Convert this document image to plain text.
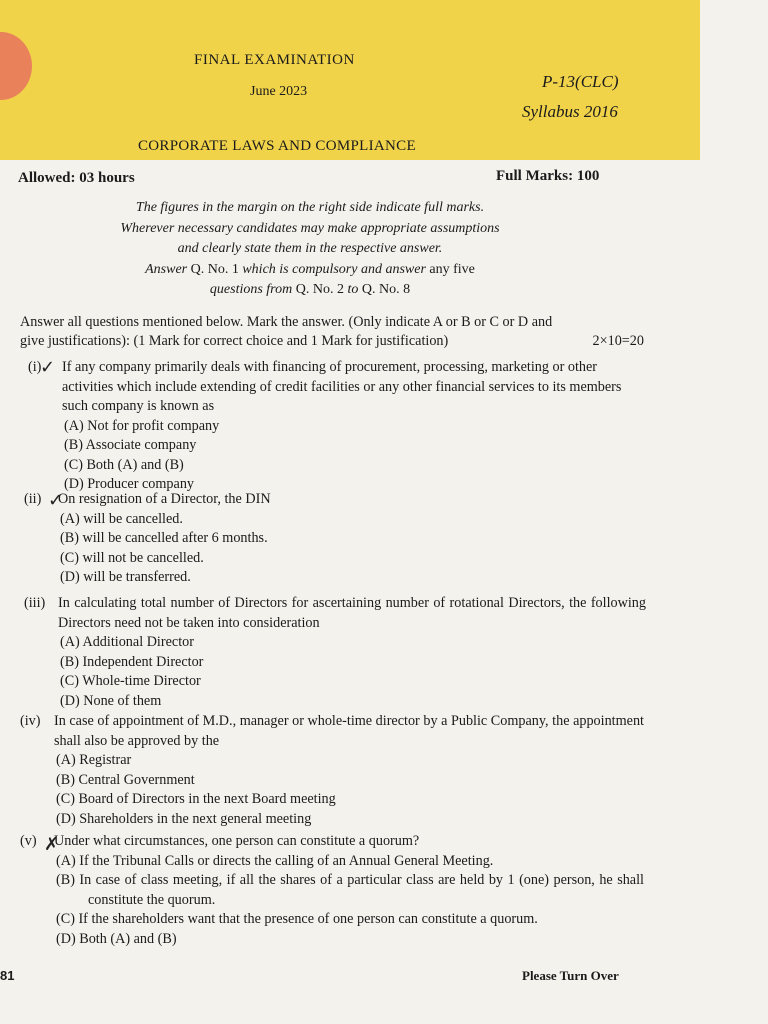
FINAL EXAMINATION
June 2023
P-13(CLC)
Syllabus 2016
CORPORATE LAWS AND COMPLIANCE
Allowed: 03 hours	Full Marks: 100
The figures in the margin on the right side indicate full marks.
Wherever necessary candidates may make appropriate assumptions
and clearly state them in the respective answer.
Answer Q. No. 1 which is compulsory and answer any five
questions from Q. No. 2 to Q. No. 8
Answer all questions mentioned below. Mark the answer. (Only indicate A or B or C or D and
give justifications): (1 Mark for correct choice and 1 Mark for justification)	2×10=20
(i) If any company primarily deals with financing of procurement, processing, marketing or other activities which include extending of credit facilities or any other financial services to its members such company is known as
(A) Not for profit company
(B) Associate company
(C) Both (A) and (B)
(D) Producer company
(ii) On resignation of a Director, the DIN
(A) will be cancelled.
(B) will be cancelled after 6 months.
(C) will not be cancelled.
(D) will be transferred.
(iii) In calculating total number of Directors for ascertaining number of rotational Directors, the following Directors need not be taken into consideration
(A) Additional Director
(B) Independent Director
(C) Whole-time Director
(D) None of them
(iv) In case of appointment of M.D., manager or whole-time director by a Public Company, the appointment shall also be approved by the
(A) Registrar
(B) Central Government
(C) Board of Directors in the next Board meeting
(D) Shareholders in the next general meeting
(v) Under what circumstances, one person can constitute a quorum?
(A) If the Tribunal Calls or directs the calling of an Annual General Meeting.
(B) In case of class meeting, if all the shares of a particular class are held by 1 (one) person, he shall constitute the quorum.
(C) If the shareholders want that the presence of one person can constitute a quorum.
(D) Both (A) and (B)
✓
✓
✗
81	Please Turn Over
